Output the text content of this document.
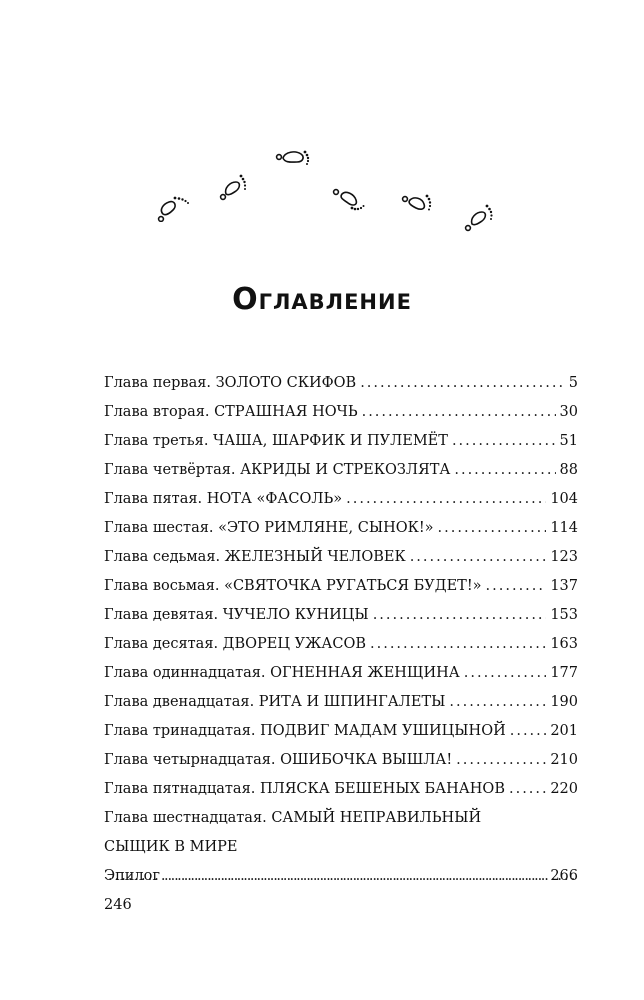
Оглавление
Глава первая. ЗОЛОТО СКИФОВ .....	5
Глава вторая. СТРАШНАЯ НОЧЬ .....	30
Глава третья. ЧАША, ШАРФИК И ПУЛЕМЁТ .....	51
Глава четвёртая. АКРИДЫ И СТРЕКОЗЛЯТА .....	88
Глава пятая. НОТА «ФАСОЛЬ» .....	104
Глава шестая. «ЭТО РИМЛЯНЕ, СЫНОК!» .....	114
Глава седьмая. ЖЕЛЕЗНЫЙ ЧЕЛОВЕК .....	123
Глава восьмая. «СВЯТОЧКА РУГАТЬСЯ БУДЕТ!» .....	137
Глава девятая. ЧУЧЕЛО КУНИЦЫ .....	153
Глава десятая. ДВОРЕЦ УЖАСОВ .....	163
Глава одиннадцатая. ОГНЕННАЯ ЖЕНЩИНА .....	177
Глава двенадцатая. РИТА И ШПИНГАЛЕТЫ .....	190
Глава тринадцатая. ПОДВИГ МАДАМ УШИЦЫНОЙ .....	201
Глава четырнадцатая. ОШИБОЧКА ВЫШЛА! .....	210
Глава пятнадцатая. ПЛЯСКА БЕШЕНЫХ БАНАНОВ .....	220
Глава шестнадцатая. САМЫЙ НЕПРАВИЛЬНЫЙ
СЫЩИК В МИРЕ
.....
246
Эпилог .....	266
